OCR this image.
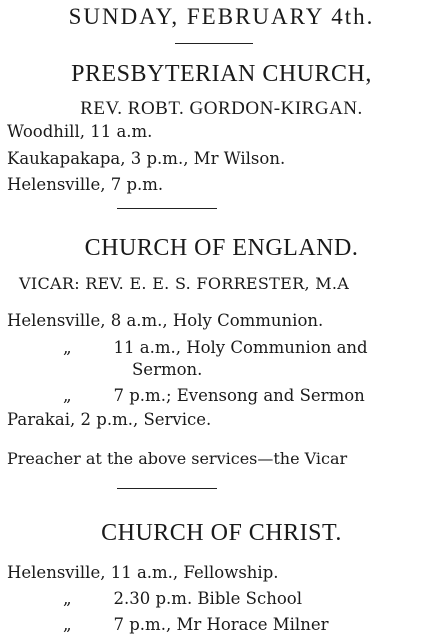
SUNDAY, FEBRUARY 4th.
PRESBYTERIAN CHURCH,
REV. ROBT. GORDON-KIRGAN.
Woodhill, 11 a.m.
Kaukapakapa, 3 p.m., Mr Wilson.
Helensville, 7 p.m.
CHURCH OF ENGLAND.
VICAR: REV. E. E. S. FORRESTER, M.A
Helensville, 8 a.m., Holy Communion.
„        11 a.m., Holy Communion and
Sermon.
„        7 p.m.; Evensong and Sermon
Parakai, 2 p.m., Service.
Preacher at the above services—the Vicar
CHURCH OF CHRIST.
Helensville, 11 a.m., Fellowship.
„        2.30 p.m. Bible School
„        7 p.m., Mr Horace Milner
